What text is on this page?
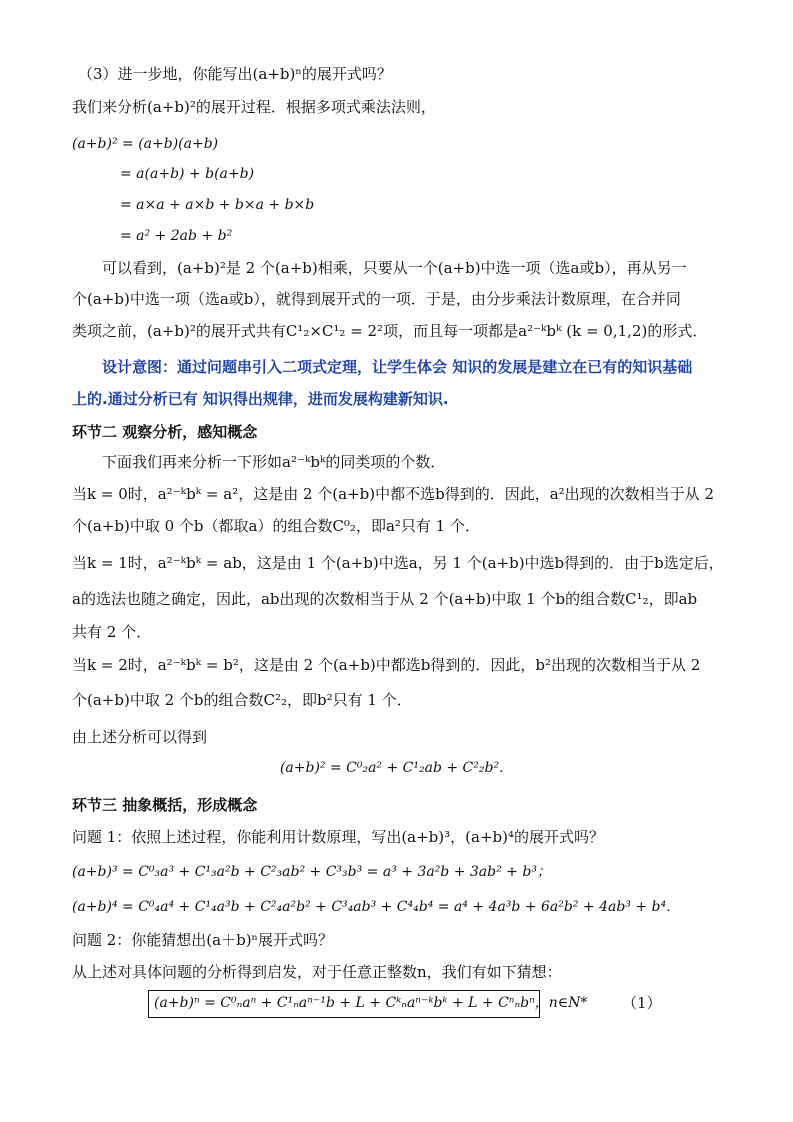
（3）进一步地，你能写出(a+b)ⁿ的展开式吗？
我们来分析(a+b)²的展开过程．根据多项式乘法法则，
(a+b)² = (a+b)(a+b)
= a(a+b) + b(a+b)
= a×a + a×b + b×a + b×b
= a² + 2ab + b²
可以看到，(a+b)²是 2 个(a+b)相乘，只要从一个(a+b)中选一项（选a或b），再从另一
个(a+b)中选一项（选a或b），就得到展开式的一项．于是，由分步乘法计数原理，在合并同
类项之前，(a+b)²的展开式共有C¹₂×C¹₂ = 2²项，而且每一项都是a²⁻ᵏbᵏ (k = 0,1,2)的形式．
设计意图：通过问题串引入二项式定理，让学生体会 知识的发展是建立在已有的知识基础
上的.通过分析已有 知识得出规律，进而发展构建新知识.
环节二 观察分析，感知概念
下面我们再来分析一下形如a²⁻ᵏbᵏ的同类项的个数．
当k = 0时，a²⁻ᵏbᵏ = a²，这是由 2 个(a+b)中都不选b得到的．因此，a²出现的次数相当于从 2
个(a+b)中取 0 个b（都取a）的组合数C⁰₂，即a²只有 1 个．
当k = 1时，a²⁻ᵏbᵏ = ab，这是由 1 个(a+b)中选a，另 1 个(a+b)中选b得到的．由于b选定后，
a的选法也随之确定，因此，ab出现的次数相当于从 2 个(a+b)中取 1 个b的组合数C¹₂，即ab
共有 2 个．
当k = 2时，a²⁻ᵏbᵏ = b²，这是由 2 个(a+b)中都选b得到的．因此，b²出现的次数相当于从 2
个(a+b)中取 2 个b的组合数C²₂，即b²只有 1 个．
由上述分析可以得到
(a+b)² = C⁰₂a² + C¹₂ab + C²₂b²．
环节三 抽象概括，形成概念
问题 1：依照上述过程，你能利用计数原理，写出(a+b)³，(a+b)⁴的展开式吗？
(a+b)³ = C⁰₃a³ + C¹₃a²b + C²₃ab² + C³₃b³ = a³ + 3a²b + 3ab² + b³；
(a+b)⁴ = C⁰₄a⁴ + C¹₄a³b + C²₄a²b² + C³₄ab³ + C⁴₄b⁴ = a⁴ + 4a³b + 6a²b² + 4ab³ + b⁴．
问题 2：你能猜想出(a＋b)ⁿ展开式吗？
从上述对具体问题的分析得到启发，对于任意正整数n，我们有如下猜想：
(a+b)ⁿ = C⁰ₙaⁿ + C¹ₙaⁿ⁻¹b + L + Cᵏₙaⁿ⁻ᵏbᵏ + L + Cⁿₙbⁿ，n∈N* （1）
